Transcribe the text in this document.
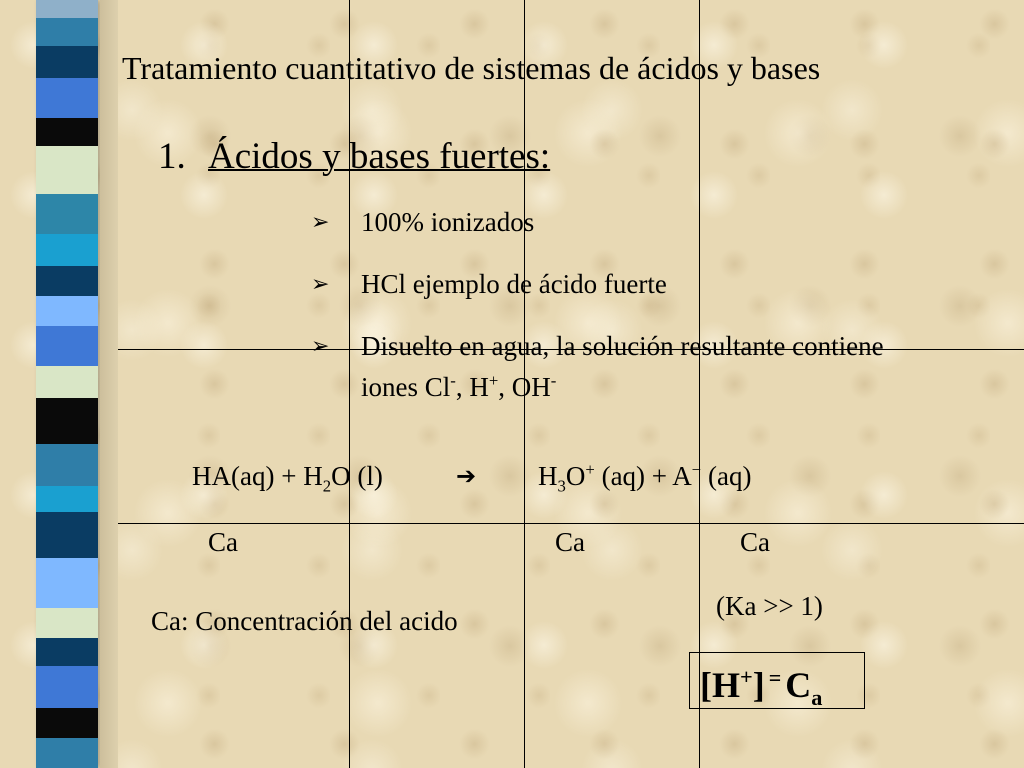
Tratamiento cuantitativo de sistemas de ácidos y bases
1. Ácidos y bases fuertes:
➢ 100% ionizados
➢ HCl ejemplo de ácido fuerte
➢ Disuelto en agua, la solución resultante contiene
iones Cl-, H+, OH-
$HA(aq) + H_2O$ (l)	➔ $H_3O^+$ (aq) + A− (aq)
Ca	Ca	Ca
(Ka >> 1)
Ca: Concentración del acido
[H+] = $C_a$
